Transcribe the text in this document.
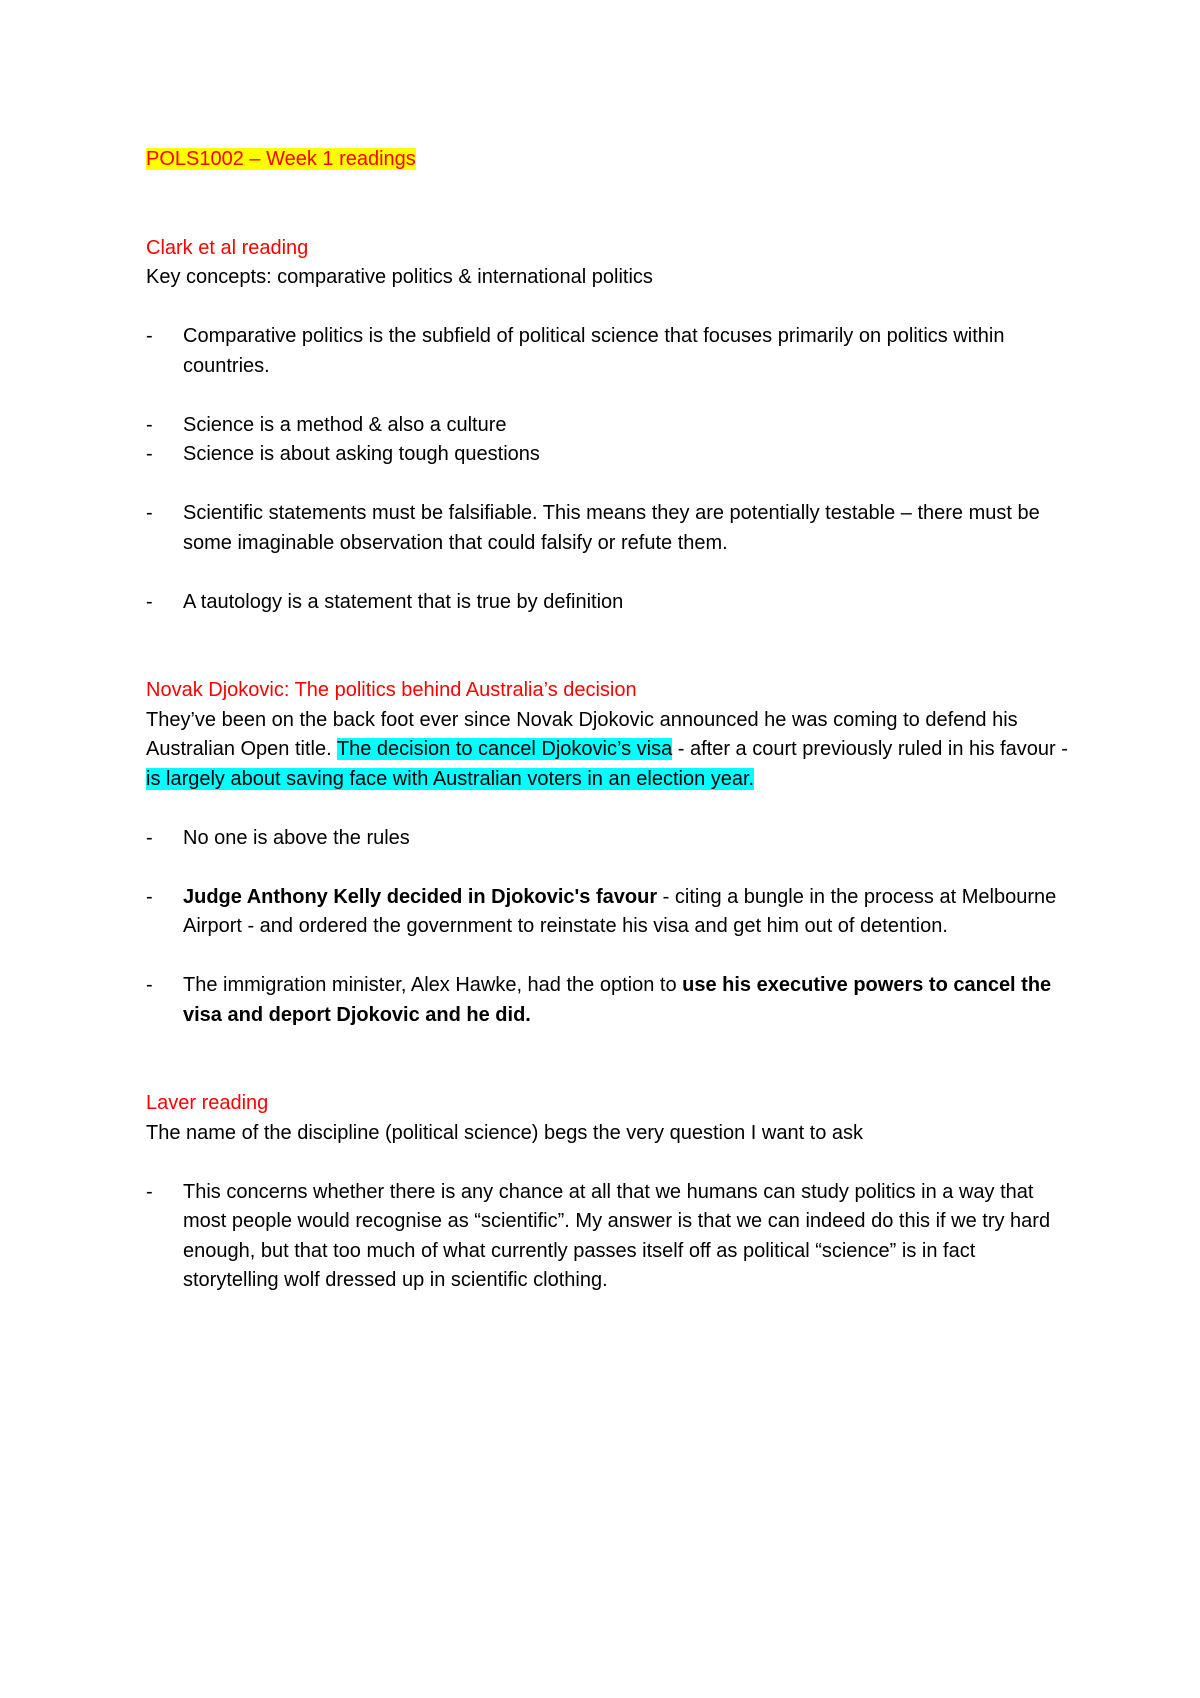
POLS1002 – Week 1 readings

Clark et al reading

Key concepts: comparative politics & international politics

- Comparative politics is the subfield of political science that focuses primarily on politics within countries.
- Science is a method & also a culture
- Science is about asking tough questions
- Scientific statements must be falsifiable. This means they are potentially testable – there must be some imaginable observation that could falsify or refute them.
- A tautology is a statement that is true by definition

Novak Djokovic: The politics behind Australia’s decision

They’ve been on the back foot ever since Novak Djokovic announced he was coming to defend his Australian Open title. The decision to cancel Djokovic’s visa - after a court previously ruled in his favour - is largely about saving face with Australian voters in an election year.

- No one is above the rules
- Judge Anthony Kelly decided in Djokovic's favour - citing a bungle in the process at Melbourne Airport - and ordered the government to reinstate his visa and get him out of detention.
- The immigration minister, Alex Hawke, had the option to use his executive powers to cancel the visa and deport Djokovic and he did.

Laver reading

The name of the discipline (political science) begs the very question I want to ask

- This concerns whether there is any chance at all that we humans can study politics in a way that most people would recognise as “scientific”. My answer is that we can indeed do this if we try hard enough, but that too much of what currently passes itself off as political “science” is in fact storytelling wolf dressed up in scientific clothing.
